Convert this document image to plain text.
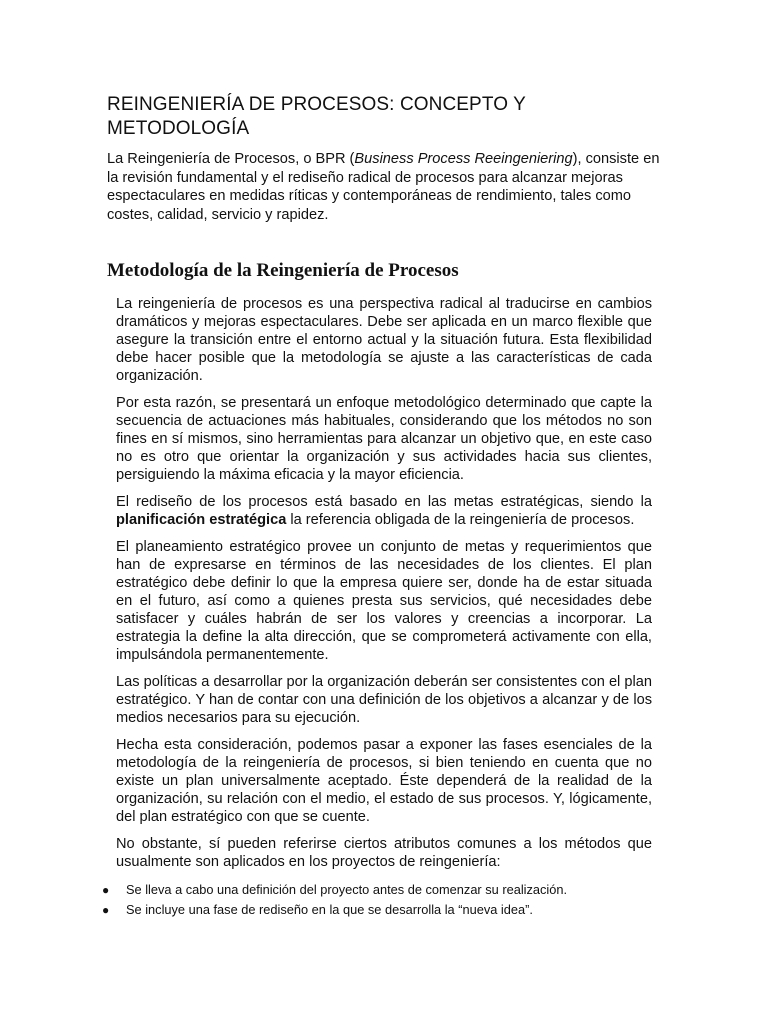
REINGENIERÍA DE PROCESOS: CONCEPTO Y METODOLOGÍA

La Reingeniería de Procesos, o BPR (Business Process Reeingeniering), consiste en la revisión fundamental y el rediseño radical de procesos para alcanzar mejoras espectaculares en medidas ríticas y contemporáneas de rendimiento, tales como costes, calidad, servicio y rapidez.

Metodología de la Reingeniería de Procesos

La reingeniería de procesos es una perspectiva radical al traducirse en cambios dramáticos y mejoras espectaculares. Debe ser aplicada en un marco flexible que asegure la transición entre el entorno actual y la situación futura. Esta flexibilidad debe hacer posible que la metodología se ajuste a las características de cada organización.

Por esta razón, se presentará un enfoque metodológico determinado que capte la secuencia de actuaciones más habituales, considerando que los métodos no son fines en sí mismos, sino herramientas para alcanzar un objetivo que, en este caso no es otro que orientar la organización y sus actividades hacia sus clientes, persiguiendo la máxima eficacia y la mayor eficiencia.

El rediseño de los procesos está basado en las metas estratégicas, siendo la planificación estratégica la referencia obligada de la reingeniería de procesos.

El planeamiento estratégico provee un conjunto de metas y requerimientos que han de expresarse en términos de las necesidades de los clientes. El plan estratégico debe definir lo que la empresa quiere ser, donde ha de estar situada en el futuro, así como a quienes presta sus servicios, qué necesidades debe satisfacer y cuáles habrán de ser los valores y creencias a incorporar. La estrategia la define la alta dirección, que se comprometerá activamente con ella, impulsándola permanentemente.

Las políticas a desarrollar por la organización deberán ser consistentes con el plan estratégico. Y han de contar con una definición de los objetivos a alcanzar y de los medios necesarios para su ejecución.

Hecha esta consideración, podemos pasar a exponer las fases esenciales de la metodología de la reingeniería de procesos, si bien teniendo en cuenta que no existe un plan universalmente aceptado. Éste dependerá de la realidad de la organización, su relación con el medio, el estado de sus procesos. Y, lógicamente, del plan estratégico con que se cuente.

No obstante, sí pueden referirse ciertos atributos comunes a los métodos que usualmente son aplicados en los proyectos de reingeniería:

● Se lleva a cabo una definición del proyecto antes de comenzar su realización.
● Se incluye una fase de rediseño en la que se desarrolla la “nueva idea”.
